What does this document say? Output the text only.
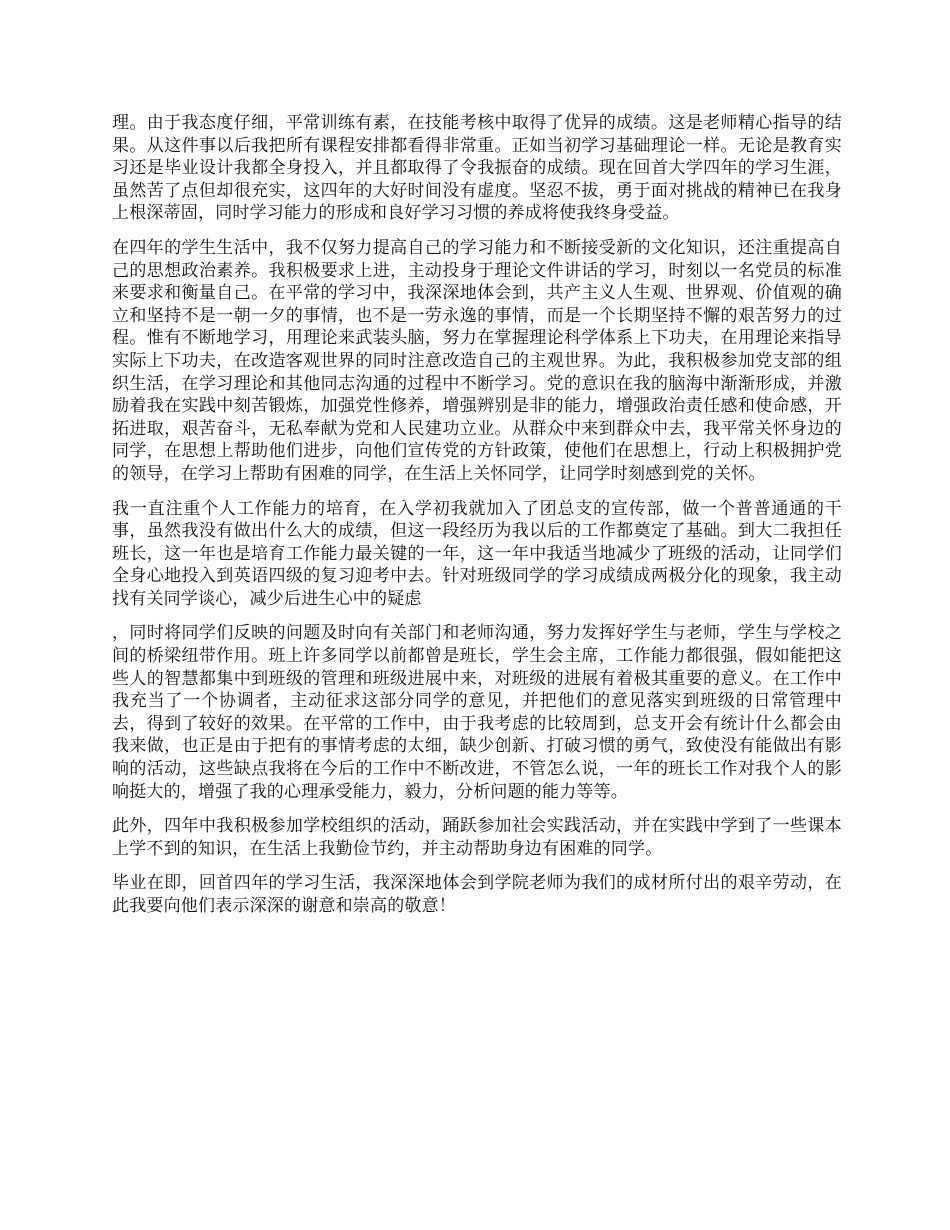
理。由于我态度仔细，平常训练有素，在技能考核中取得了优异的成绩。这是老师精心指导的结果。从这件事以后我把所有课程安排都看得非常重。正如当初学习基础理论一样。无论是教育实习还是毕业设计我都全身投入，并且都取得了令我振奋的成绩。现在回首大学四年的学习生涯，虽然苦了点但却很充实，这四年的大好时间没有虚度。坚忍不拔，勇于面对挑战的精神已在我身上根深蒂固，同时学习能力的形成和良好学习习惯的养成将使我终身受益。

在四年的学生生活中，我不仅努力提高自己的学习能力和不断接受新的文化知识，还注重提高自己的思想政治素养。我积极要求上进，主动投身于理论文件讲话的学习，时刻以一名党员的标准来要求和衡量自己。在平常的学习中，我深深地体会到，共产主义人生观、世界观、价值观的确立和坚持不是一朝一夕的事情，也不是一劳永逸的事情，而是一个长期坚持不懈的艰苦努力的过程。惟有不断地学习，用理论来武装头脑，努力在掌握理论科学体系上下功夫，在用理论来指导实际上下功夫，在改造客观世界的同时注意改造自己的主观世界。为此，我积极参加党支部的组织生活，在学习理论和其他同志沟通的过程中不断学习。党的意识在我的脑海中渐渐形成，并激励着我在实践中刻苦锻炼，加强党性修养，增强辨别是非的能力，增强政治责任感和使命感，开拓进取，艰苦奋斗，无私奉献为党和人民建功立业。从群众中来到群众中去，我平常关怀身边的同学，在思想上帮助他们进步，向他们宣传党的方针政策，使他们在思想上，行动上积极拥护党的领导，在学习上帮助有困难的同学，在生活上关怀同学，让同学时刻感到党的关怀。

我一直注重个人工作能力的培育，在入学初我就加入了团总支的宣传部，做一个普普通通的干事，虽然我没有做出什么大的成绩，但这一段经历为我以后的工作都奠定了基础。到大二我担任班长，这一年也是培育工作能力最关键的一年，这一年中我适当地减少了班级的活动，让同学们全身心地投入到英语四级的复习迎考中去。针对班级同学的学习成绩成两极分化的现象，我主动找有关同学谈心，减少后进生心中的疑虑

，同时将同学们反映的问题及时向有关部门和老师沟通，努力发挥好学生与老师，学生与学校之间的桥梁纽带作用。班上许多同学以前都曾是班长，学生会主席，工作能力都很强，假如能把这些人的智慧都集中到班级的管理和班级进展中来，对班级的进展有着极其重要的意义。在工作中我充当了一个协调者，主动征求这部分同学的意见，并把他们的意见落实到班级的日常管理中去，得到了较好的效果。在平常的工作中，由于我考虑的比较周到，总支开会有统计什么都会由我来做，也正是由于把有的事情考虑的太细，缺少创新、打破习惯的勇气，致使没有能做出有影响的活动，这些缺点我将在今后的工作中不断改进，不管怎么说，一年的班长工作对我个人的影响挺大的，增强了我的心理承受能力，毅力，分析问题的能力等等。

此外，四年中我积极参加学校组织的活动，踊跃参加社会实践活动，并在实践中学到了一些课本上学不到的知识，在生活上我勤俭节约，并主动帮助身边有困难的同学。

毕业在即，回首四年的学习生活，我深深地体会到学院老师为我们的成材所付出的艰辛劳动，在此我要向他们表示深深的谢意和崇高的敬意！
